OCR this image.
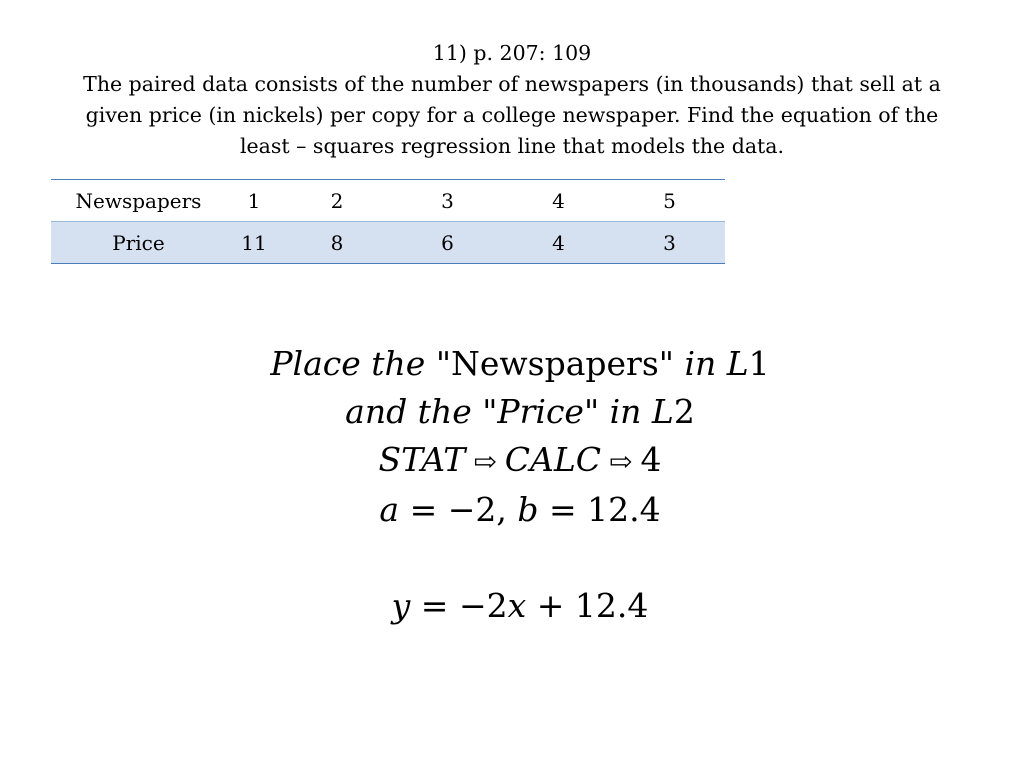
11) p. 207: 109
The paired data consists of the number of newspapers (in thousands) that sell at a
given price (in nickels) per copy for a college newspaper. Find the equation of the
least – squares regression line that models the data.
Newspapers	1	2	3	4	5
Price	11	8	6	4	3
Place the "Newspapers" in L1
and the "Price" in L2
STAT ⇨ CALC ⇨ 4
a = −2, b = 12.4
y = −2x + 12.4
